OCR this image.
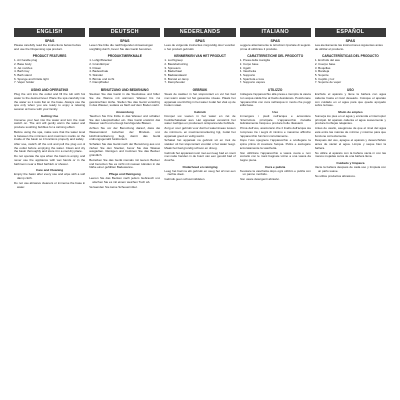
ENGLISH
SPAS
Please carefully read the instructions below before and use the Dispensing spa product.
PRODUCT FEATURES
1. Air handle plug
2. Base body
3. Jet nozzles
4. Bath tray
5. Bath stand
6. Sponge and bristle light
7. Vapor holder
USING AND OPERATING
Plug the unit into the outlet and fill the tub with hot water to the desired level. Place the spa carefully into the water so it rests flat on the base. Always use the spa only when you are ready to enjoy a relaxing session at home with your family.
Getting Use
Immerse your feet into the water and turn the main switch on. The unit will gently warm the water and produce soothing bubbles for a calming effect.
Before using the spa, make sure that the water level is between the minimum and maximum marks on the inside of the basin so it functions properly and safely.
After use, switch off the unit and pull the plug out of the outlet before emptying the water. Clean and dry the basin thoroughly and store it in a cool dry place.
Do not operate the spa when the basin is empty, and never use the appliance with wet hands or in the bathroom near a filled bathtub or shower.
Care and Cleaning
Empty the basin after every use and wipe with a soft damp cloth.
Do not use abrasive cleaners or immerse the base in water.
DEUTSCH
SPAS
Lesen Sie bitte die nachfolgenden Anweisungen sorgfältig durch, bevor Sie das Gerät benutzen.
PRODUKTMERKMALE
1. Luftgriffstecker
2. Grundkörper
3. Düsen
4. Badeschale
5. Ständer
6. Bürste und Licht
7. Dampfhalter
BENUTZUNG UND BEDIENUNG
Stecken Sie das Gerät in die Steckdose und füllen Sie die Wanne mit warmem Wasser bis zur gewünschten Höhe. Stellen Sie das Gerät vorsichtig in das Wasser, sodass es flach auf dem Boden steht.
Anwendung
Tauchen Sie Ihre Füße in das Wasser und schalten Sie den Hauptschalter ein. Das Gerät erwärmt das Wasser sanft und erzeugt beruhigende Blasen.
Achten Sie vor der Benutzung darauf, dass der Wasserstand zwischen der Mindest- und Höchstmarkierung liegt, damit das Gerät ordnungsgemäß funktioniert.
Schalten Sie das Gerät nach der Benutzung aus und ziehen Sie den Stecker, bevor Sie das Wasser ausgießen. Reinigen und trocknen Sie das Becken gründlich.
Betreiben Sie das Gerät niemals mit leerem Becken und benutzen Sie es nicht mit nassen Händen in der Nähe einer gefüllten Badewanne.
Pflege und Reinigung
Leeren Sie das Becken nach jedem Gebrauch und wischen Sie es mit einem weichen Tuch ab.
Verwenden Sie keine Scheuermittel.
NEDERLANDS
SPAS
Lees de volgende instructies zorgvuldig door voordat u het product gebruikt.
KENMERKEN VAN HET PRODUCT
1. Luchtgreep
2. Basisbehuizing
3. Sproeiers
4. Badschaal
5. Badstandaard
6. Borstel en lamp
7. Damphouder
GEBRUIK
Steek de stekker in het stopcontact en vul het bad met warm water tot het gewenste niveau. Plaats het apparaat voorzichtig in het water zodat het vlak op de bodem staat.
Gebruik
Dompel uw voeten in het water en zet de hoofdschakelaar aan. Het apparaat verwarmt het water zachtjes en produceert ontspannende bubbels.
Zorg er voor gebruik voor dat het waterniveau tussen de minimum- en maximummarkering ligt, zodat het apparaat goed en veilig werkt.
Schakel het apparaat na gebruik uit en trek de stekker uit het stopcontact voordat u het water leegt. Maak het bad grondig schoon en droog.
Gebruik het apparaat nooit met een leeg bad en nooit met natte handen in de buurt van een gevuld bad of douche.
Onderhoud en reiniging
Leeg het bad na elk gebruik en veeg het af met een zachte doek.
Gebruik geen schuurmiddelen.
ITALIANO
SPAS
Leggere attentamente le istruzioni riportate di seguito prima di utilizzare il prodotto.
CARATTERISTICHE DEL PRODOTTO
1. Presa della maniglia
2. Corpo base
3. Ugelli
4. Vaschetta
5. Supporto
6. Spazzola e luce
7. Supporto vapore
UTILIZZO
Collegare l'apparecchio alla presa e riempire la vasca con acqua calda fino al livello desiderato. Posizionare l'apparecchio con cura nell'acqua in modo che poggi sulla base.
Uso
Immergere i piedi nell'acqua e accendere l'interruttore principale. L'apparecchio riscalda delicatamente l'acqua e produce bolle rilassanti.
Prima dell'uso, assicurarsi che il livello dell'acqua sia compreso tra i segni di minimo e massimo affinché l'apparecchio funzioni correttamente.
Dopo l'uso spegnere l'apparecchio e scollegare la spina prima di svuotare l'acqua. Pulire e asciugare accuratamente la vaschetta.
Non utilizzare l'apparecchio a vasca vuota e non toccarlo con le mani bagnate vicino a una vasca da bagno piena.
Cura e pulizia
Svuotare la vaschetta dopo ogni utilizzo e pulirla con un panno morbido.
Non usare detergenti abrasivi.
ESPAÑOL
SPAS
Lea atentamente las instrucciones siguientes antes de utilizar el producto.
CARACTERÍSTICAS DEL PRODUCTO
1. Enchufe del asa
2. Cuerpo base
3. Boquillas
4. Bandeja
5. Soporte
6. Cepillo y luz
7. Soporte de vapor
USO
Enchufe el aparato y llene la bañera con agua caliente hasta el nivel deseado. Coloque el aparato con cuidado en el agua para que quede apoyado sobre la base.
Modo de empleo
Sumerja los pies en el agua y encienda el interruptor principal. El aparato calienta el agua suavemente y produce burbujas relajantes.
Antes de usarlo, asegúrese de que el nivel del agua esté entre las marcas de mínimo y máximo para que funcione correctamente.
Después del uso, apague el aparato y desenchúfelo antes de vaciar el agua. Limpie y seque bien la bañera.
No utilice el aparato con la bañera vacía ni con las manos mojadas cerca de una bañera llena.
Cuidado y limpieza
Vacíe la bañera después de cada uso y límpiela con un paño suave.
No utilice productos abrasivos.
